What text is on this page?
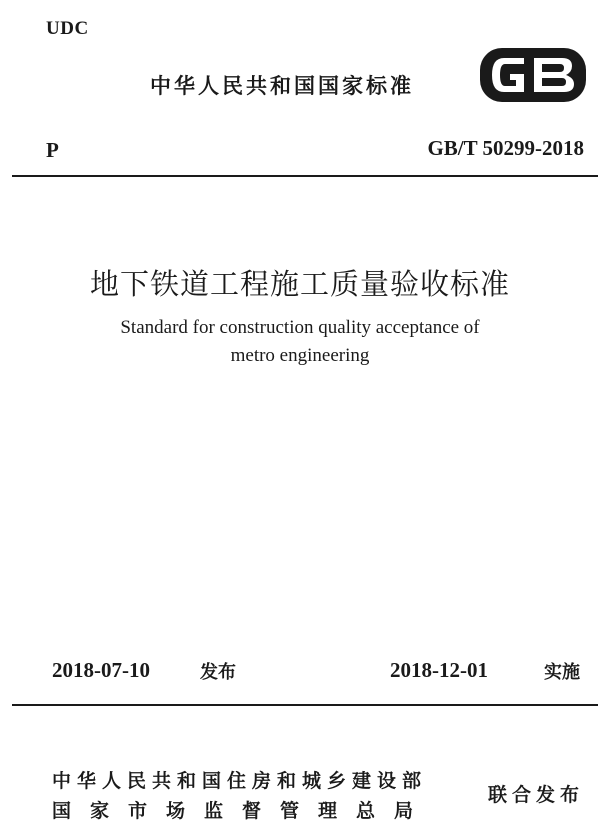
UDC
中华人民共和国国家标准
P	GB/T 50299-2018
地下铁道工程施工质量验收标准
Standard for construction quality acceptance of
metro engineering
2018-07-10	发布	2018-12-01	实施
中华人民共和国住房和城乡建设部
国家市场监督管理总局
联合发布
